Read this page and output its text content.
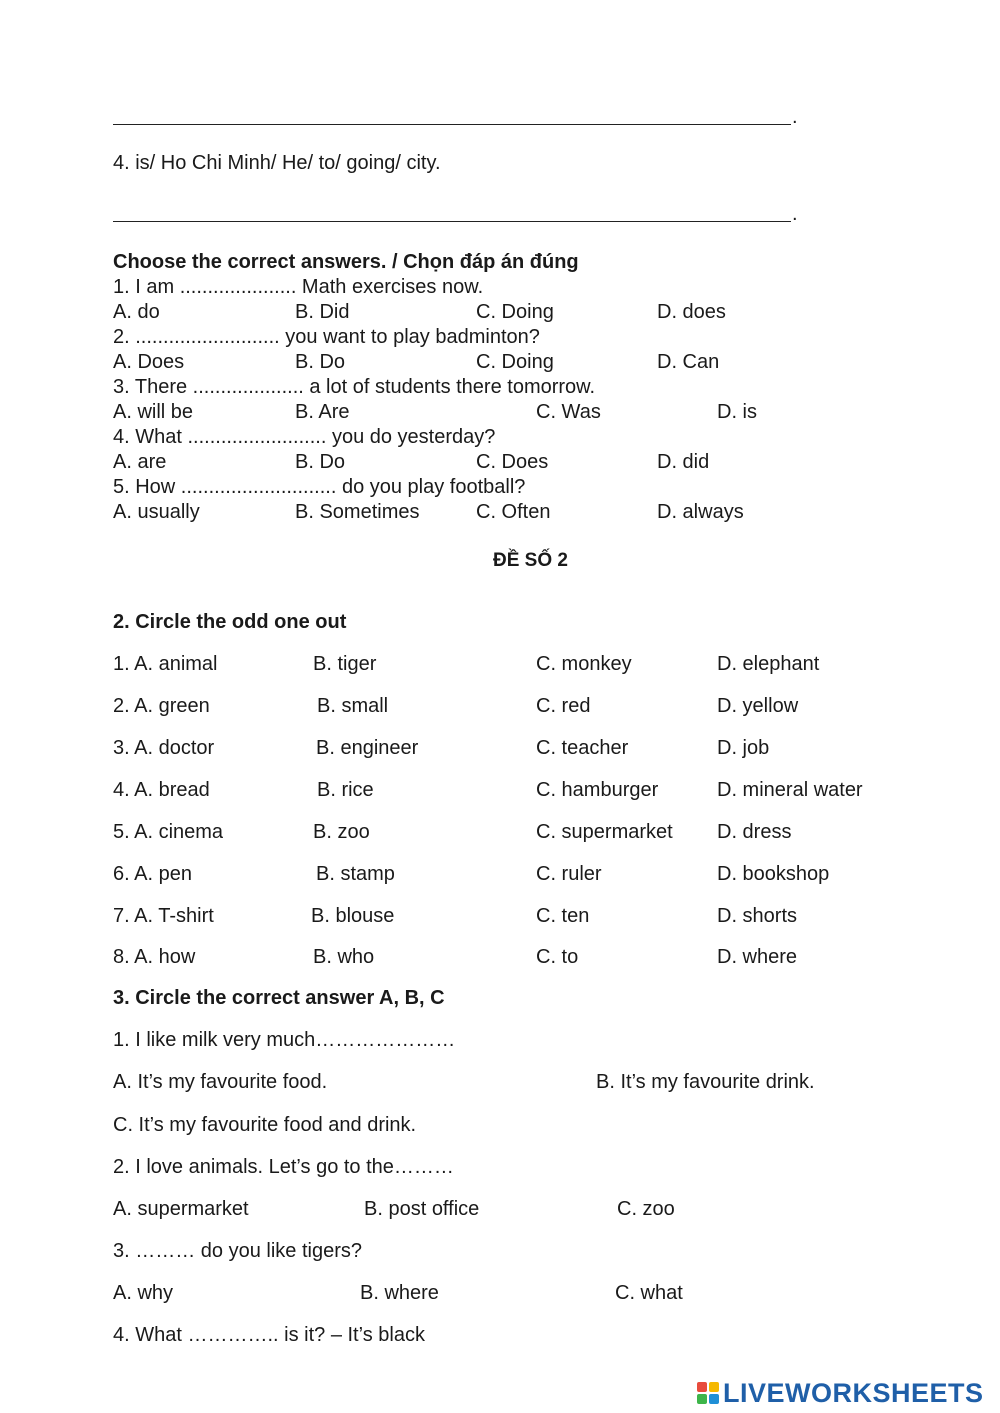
.
4. is/ Ho Chi Minh/ He/ to/ going/ city.
.
Choose the correct answers. / Chọn đáp án đúng
1. I am ..................... Math exercises now.
A. do	B. Did	C. Doing	D. does
2. .......................... you want to play badminton?
A. Does	B. Do	C. Doing	D. Can
3. There .................... a lot of students there tomorrow.
A. will be	B. Are	C. Was	D. is
4. What ......................... you do yesterday?
A. are	B. Do	C. Does	D. did
5. How ............................ do you play football?
A. usually	B. Sometimes	C. Often	D. always
ĐỀ SỐ 2
2. Circle the odd one out
1. A. animal	B. tiger	C. monkey	D. elephant
2. A. green	B. small	C. red	D. yellow
3. A. doctor	B. engineer	C. teacher	D. job
4. A. bread	B. rice	C. hamburger	D. mineral water
5. A. cinema	B. zoo	C. supermarket D. dress
6. A. pen	B. stamp	C. ruler	D. bookshop
7. A. T-shirt	B. blouse	C. ten	D. shorts
8. A. how	B. who	C. to	D. where
3. Circle the correct answer A, B, C
1. I like milk very much…………………
A. It’s my favourite food.	B. It’s my favourite drink.
C. It’s my favourite food and drink.
2. I love animals. Let’s go to the………
A. supermarket	B. post office	C. zoo
3. ……… do you like tigers?
A. why	B. where	C. what
4. What ………….. is it? – It’s black
LIVEWORKSHEETS
